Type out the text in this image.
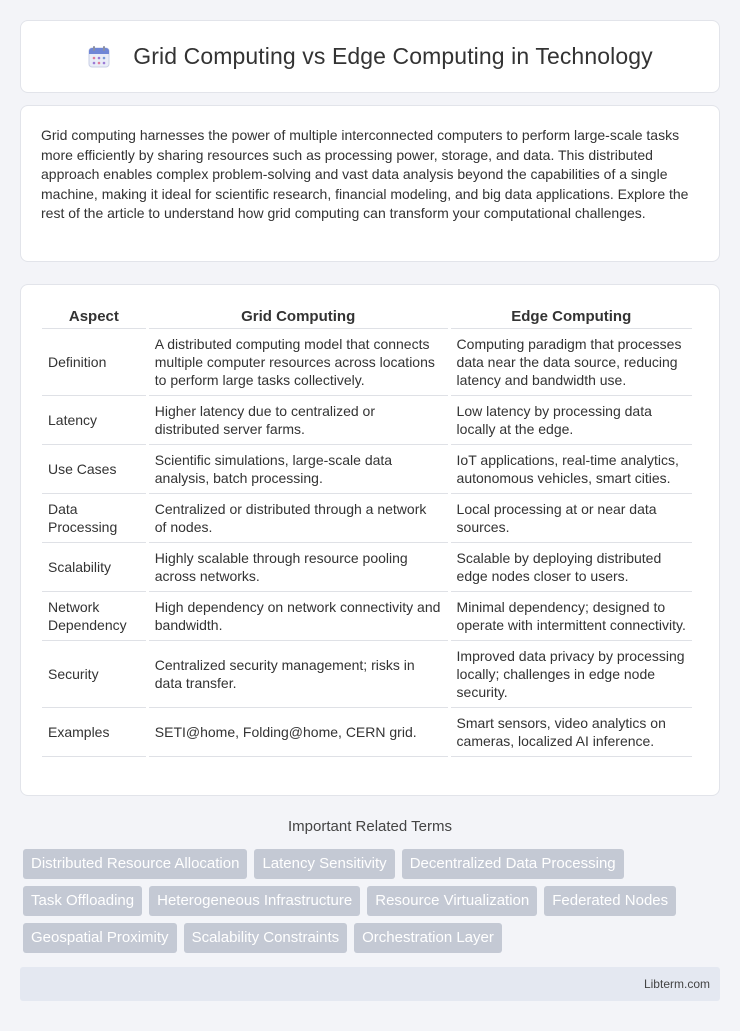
Grid Computing vs Edge Computing in Technology

Grid computing harnesses the power of multiple interconnected computers to perform large-scale tasks more efficiently by sharing resources such as processing power, storage, and data. This distributed approach enables complex problem-solving and vast data analysis beyond the capabilities of a single machine, making it ideal for scientific research, financial modeling, and big data applications. Explore the rest of the article to understand how grid computing can transform your computational challenges.

Aspect	Grid Computing	Edge Computing
Definition	A distributed computing model that connects multiple computer resources across locations to perform large tasks collectively.	Computing paradigm that processes data near the data source, reducing latency and bandwidth use.
Latency	Higher latency due to centralized or distributed server farms.	Low latency by processing data locally at the edge.
Use Cases	Scientific simulations, large-scale data analysis, batch processing.	IoT applications, real-time analytics, autonomous vehicles, smart cities.
Data Processing	Centralized or distributed through a network of nodes.	Local processing at or near data sources.
Scalability	Highly scalable through resource pooling across networks.	Scalable by deploying distributed edge nodes closer to users.
Network Dependency	High dependency on network connectivity and bandwidth.	Minimal dependency; designed to operate with intermittent connectivity.
Security	Centralized security management; risks in data transfer.	Improved data privacy by processing locally; challenges in edge node security.
Examples	SETI@home, Folding@home, CERN grid.	Smart sensors, video analytics on cameras, localized AI inference.
Important Related Terms
Distributed Resource Allocation	Latency Sensitivity	Decentralized Data Processing
Task Offloading	Heterogeneous Infrastructure	Resource Virtualization	Federated Nodes
Geospatial Proximity	Scalability Constraints	Orchestration Layer
Libterm.com
